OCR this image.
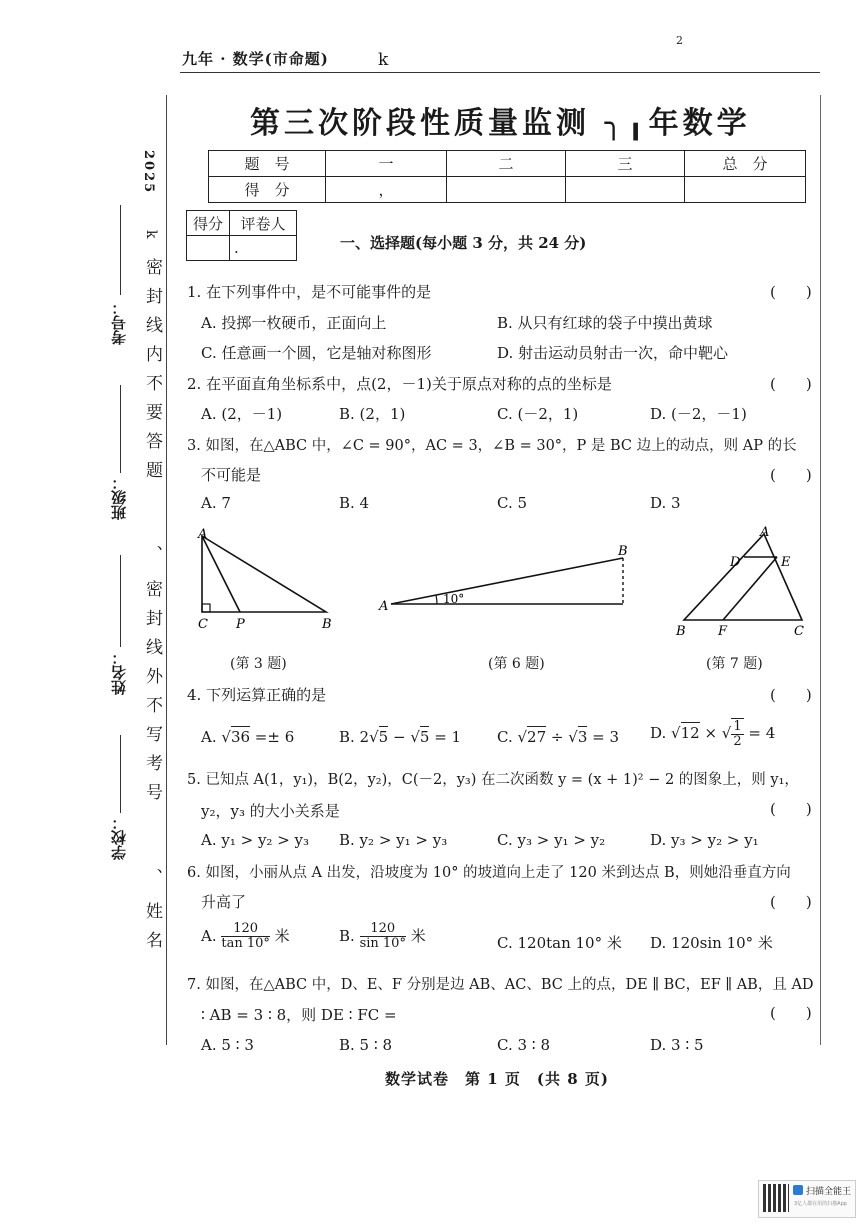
2
九年 · 数学(市命题)	k
第三次阶段性质量监测 ╮╻年数学
题　号	一	二	三	总　分
得　分	，			
得分	评卷人
	.	一、选择题(每小题 3 分，共 24 分)
2025
k
密封线内不要答题
、
密封线外不写考号
、
姓名
考号：
班级：
姓名：
学校：
1. 在下列事件中，是不可能事件的是	(　　)
A. 投掷一枚硬币，正面向上	B. 从只有红球的袋子中摸出黄球
C. 任意画一个圆，它是轴对称图形	D. 射击运动员射击一次，命中靶心
2. 在平面直角坐标系中，点(2，－1)关于原点对称的点的坐标是	(　　)
A. (2，－1)	B. (2，1)	C. (－2，1)	D. (－2，－1)
3. 如图，在△ABC 中，∠C = 90°，AC = 3，∠B = 30°，P 是 BC 边上的动点，则 AP 的长
不可能是	(　　)
A. 7	B. 4	C. 5	D. 3
A
C P	B
(第 3 题)
A
B
10°
(第 6 题)
A
D	E
B F	C
(第 7 题)
4. 下列运算正确的是	(　　)
A. √36 =± 6	B. 2√5 − √5 = 1 C. √27 ÷ √3 = 3 D. √12 × √ $\frac{1}{2} = 4$
5. 已知点 A(1，y₁)，B(2，y₂)，C(－2，y₃) 在二次函数 y = (x + 1)² − 2 的图象上，则 y₁，
y₂，y₃ 的大小关系是	(　　)
A. y₁ > y₂ > y₃ B. y₂ > y₁ > y₃	C. y₃ > y₁ > y₂	D. y₃ > y₂ > y₁
6. 如图，小丽从点 A 出发，沿坡度为 10° 的坡道向上走了 120 米到达点 B，则她沿垂直方向
升高了	(　　)
A. $\frac{120}{\tan 10^\circ}$ 米	B. $\frac{120}{\sin 10^\circ}$ 米	C. 120tan 10° 米 D. 120sin 10° 米
7. 如图，在△ABC 中，D、E、F 分别是边 AB、AC、BC 上的点，DE ∥ BC，EF ∥ AB，且 AD
∶ AB = 3 ∶ 8，则 DE ∶ FC =	(　　)
A. 5 ∶ 3	B. 5 ∶ 8	C. 3 ∶ 8	D. 3 ∶ 5
数学试卷　第 1 页　(共 8 页)
扫描全能王
3亿人都在用的扫描App
